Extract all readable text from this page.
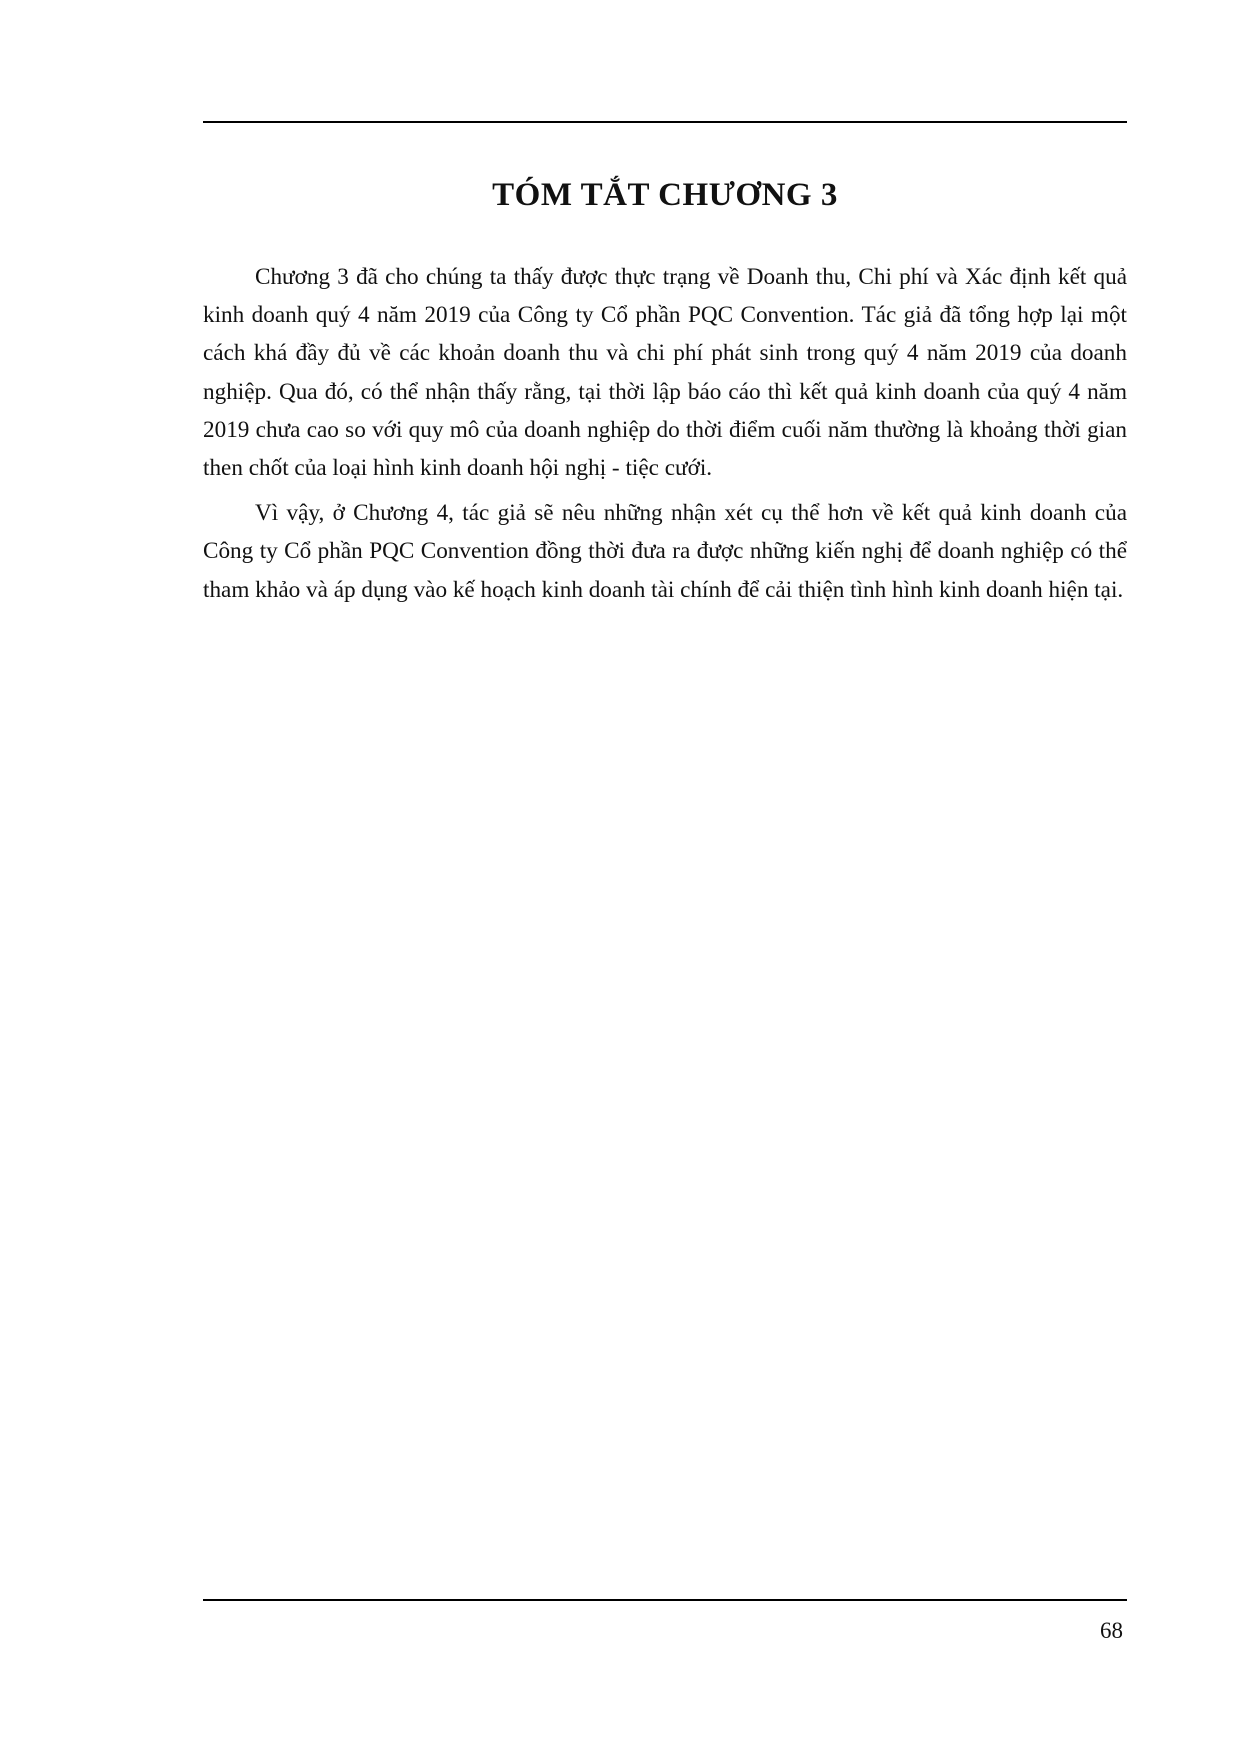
TÓM TẮT CHƯƠNG 3

Chương 3 đã cho chúng ta thấy được thực trạng về Doanh thu, Chi phí và Xác định kết quả kinh doanh quý 4 năm 2019 của Công ty Cổ phần PQC Convention. Tác giả đã tổng hợp lại một cách khá đầy đủ về các khoản doanh thu và chi phí phát sinh trong quý 4 năm 2019 của doanh nghiệp. Qua đó, có thể nhận thấy rằng, tại thời lập báo cáo thì kết quả kinh doanh của quý 4 năm 2019 chưa cao so với quy mô của doanh nghiệp do thời điểm cuối năm thường là khoảng thời gian then chốt của loại hình kinh doanh hội nghị - tiệc cưới.

Vì vậy, ở Chương 4, tác giả sẽ nêu những nhận xét cụ thể hơn về kết quả kinh doanh của Công ty Cổ phần PQC Convention đồng thời đưa ra được những kiến nghị để doanh nghiệp có thể tham khảo và áp dụng vào kế hoạch kinh doanh tài chính để cải thiện tình hình kinh doanh hiện tại.

68
